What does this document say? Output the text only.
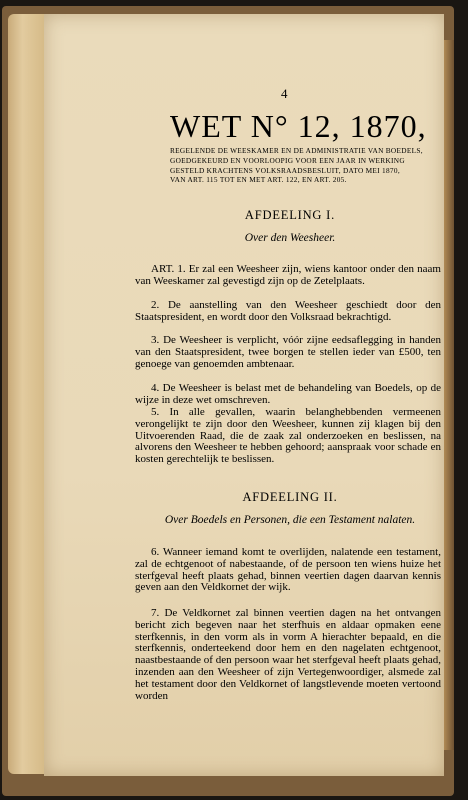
4
WET N° 12, 1870,
REGELENDE DE WEESKAMER EN DE ADMINISTRATIE VAN BOEDELS,
GOEDGEKEURD EN VOORLOOPIG VOOR EEN JAAR IN WERKING
GESTELD KRACHTENS VOLKSRAADSBESLUIT, DATO MEI 1870,
VAN ART. 115 TOT EN MET ART. 122, EN ART. 205.
AFDEELING I.
Over den Weesheer.
ART. 1. Er zal een Weesheer zijn, wiens kantoor onder den naam van Weeskamer zal gevestigd zijn op de Zetelplaats.
2. De aanstelling van den Weesheer geschiedt door den Staatspresident, en wordt door den Volksraad bekrachtigd.
3. De Weesheer is verplicht, vóór zijne eedsaflegging in handen van den Staatspresident, twee borgen te stellen ieder van £500, ten genoege van genoemden ambtenaar.
4. De Weesheer is belast met de behandeling van Boedels, op de wijze in deze wet omschreven.
5. In alle gevallen, waarin belanghebbenden vermeenen verongelijkt te zijn door den Weesheer, kunnen zij klagen bij den Uitvoerenden Raad, die de zaak zal onderzoeken en beslissen, na alvorens den Weesheer te hebben gehoord; aanspraak voor schade en kosten gerechtelijk te beslissen.
AFDEELING II.
Over Boedels en Personen, die een Testament nalaten.
6. Wanneer iemand komt te overlijden, nalatende een testament, zal de echtgenoot of nabestaande, of de persoon ten wiens huize het sterfgeval heeft plaats gehad, binnen veertien dagen daarvan kennis geven aan den Veldkornet der wijk.
7. De Veldkornet zal binnen veertien dagen na het ontvangen bericht zich begeven naar het sterfhuis en aldaar opmaken eene sterfkennis, in den vorm als in vorm A hierachter bepaald, en die sterfkennis, onderteekend door hem en den nagelaten echtgenoot, naastbestaande of den persoon waar het sterfgeval heeft plaats gehad, inzenden aan den Weesheer of zijn Vertegenwoordiger, alsmede zal het testament door den Veldkornet of langstlevende moeten vertoond worden
